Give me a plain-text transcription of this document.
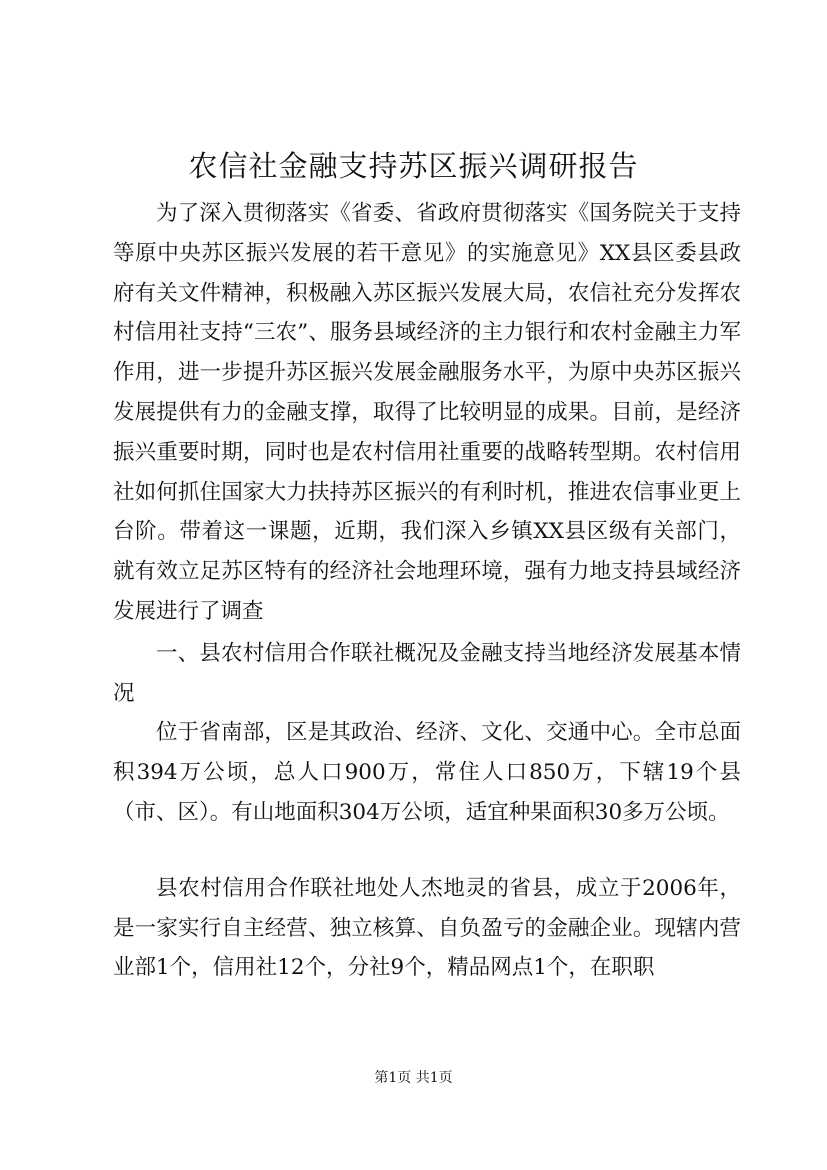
农信社金融支持苏区振兴调研报告

为了深入贯彻落实《省委、省政府贯彻落实《国务院关于支持等原中央苏区振兴发展的若干意见》的实施意见》XX县区委县政府有关文件精神，积极融入苏区振兴发展大局，农信社充分发挥农村信用社支持“三农”、服务县域经济的主力银行和农村金融主力军作用，进一步提升苏区振兴发展金融服务水平，为原中央苏区振兴发展提供有力的金融支撑，取得了比较明显的成果。目前，是经济振兴重要时期，同时也是农村信用社重要的战略转型期。农村信用社如何抓住国家大力扶持苏区振兴的有利时机，推进农信事业更上台阶。带着这一课题，近期，我们深入乡镇XX县区级有关部门，就有效立足苏区特有的经济社会地理环境，强有力地支持县域经济发展进行了调查

一、县农村信用合作联社概况及金融支持当地经济发展基本情况

位于省南部，区是其政治、经济、文化、交通中心。全市总面积394万公顷，总人口900万，常住人口850万，下辖19个县（市、区）。有山地面积304万公顷，适宜种果面积30多万公顷。

县农村信用合作联社地处人杰地灵的省县，成立于2006年，是一家实行自主经营、独立核算、自负盈亏的金融企业。现辖内营业部1个，信用社12个，分社9个，精品网点1个，在职职

第1页 共1页
